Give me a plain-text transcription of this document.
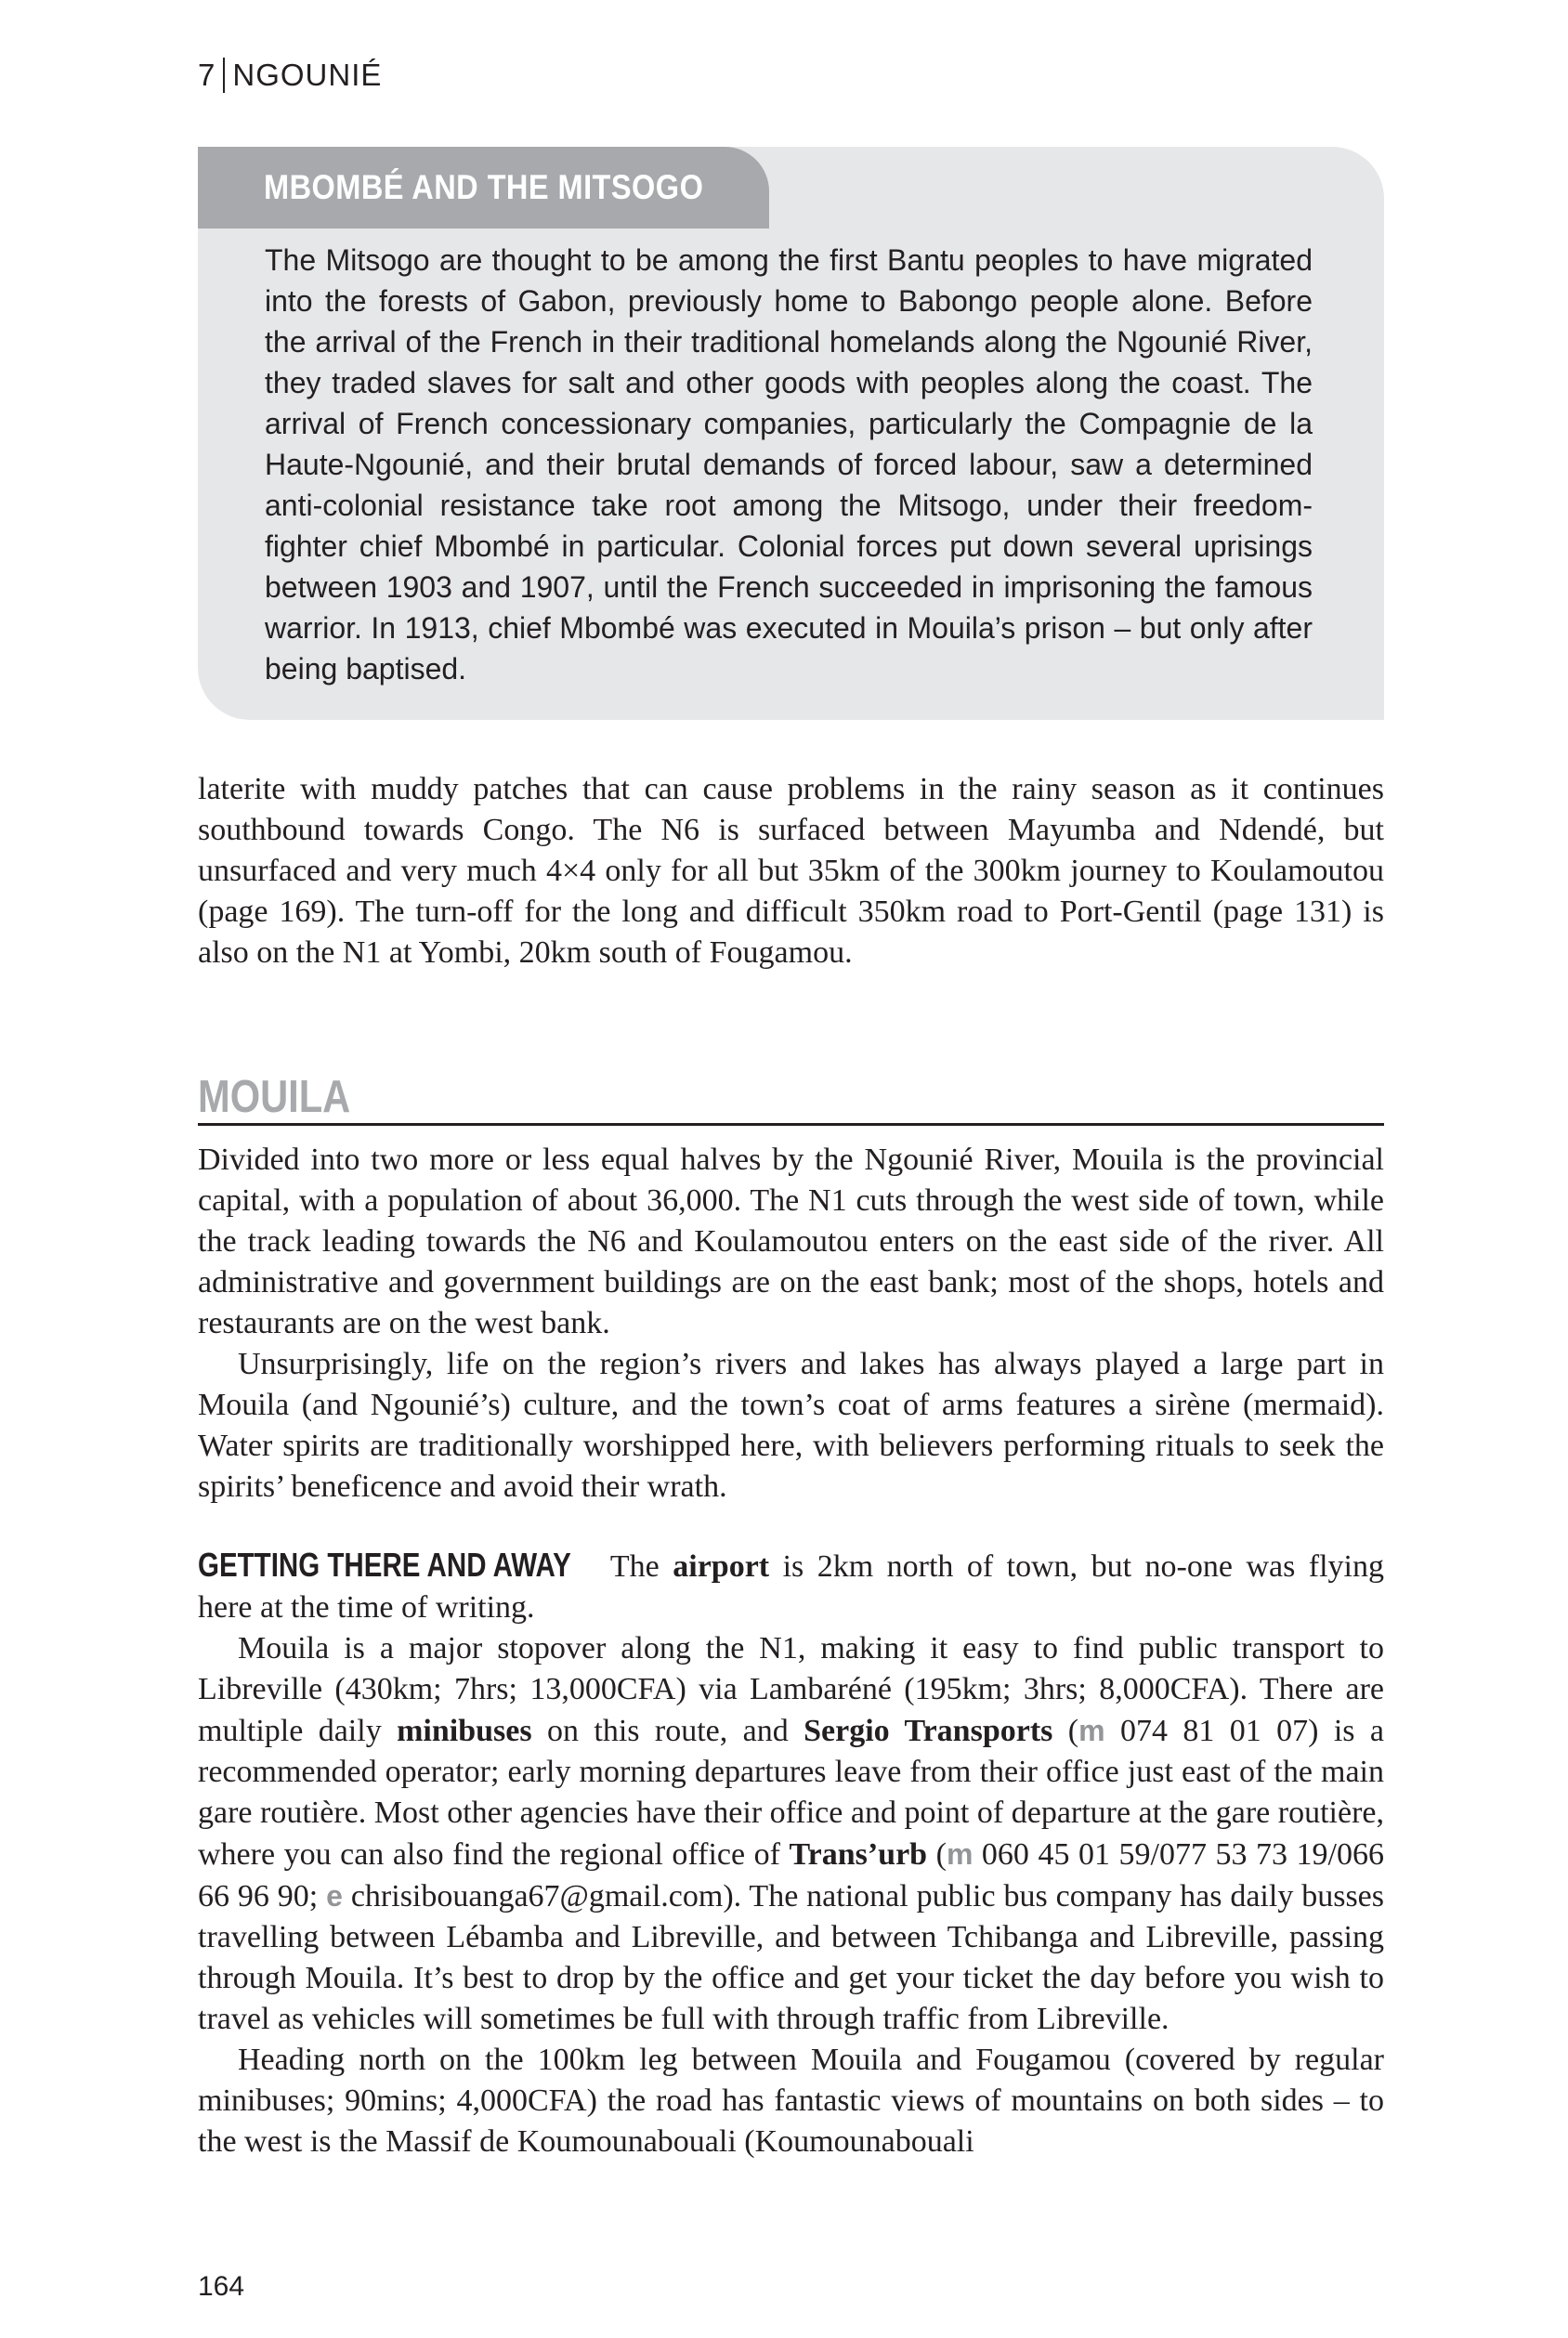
7 NGOUNIÉ
MBOMBÉ AND THE MITSOGO
The Mitsogo are thought to be among the first Bantu peoples to have migrated into the forests of Gabon, previously home to Babongo people alone. Before the arrival of the French in their traditional homelands along the Ngounié River, they traded slaves for salt and other goods with peoples along the coast. The arrival of French concessionary companies, particularly the Compagnie de la Haute-Ngounié, and their brutal demands of forced labour, saw a determined anti-colonial resistance take root among the Mitsogo, under their freedom-fighter chief Mbombé in particular. Colonial forces put down several uprisings between 1903 and 1907, until the French succeeded in imprisoning the famous warrior. In 1913, chief Mbombé was executed in Mouila’s prison – but only after being baptised.

laterite with muddy patches that can cause problems in the rainy season as it continues southbound towards Congo. The N6 is surfaced between Mayumba and Ndendé, but unsurfaced and very much 4×4 only for all but 35km of the 300km journey to Koulamoutou (page 169). The turn-off for the long and difficult 350km road to Port-Gentil (page 131) is also on the N1 at Yombi, 20km south of Fougamou.

MOUILA

Divided into two more or less equal halves by the Ngounié River, Mouila is the provincial capital, with a population of about 36,000. The N1 cuts through the west side of town, while the track leading towards the N6 and Koulamoutou enters on the east side of the river. All administrative and government buildings are on the east bank; most of the shops, hotels and restaurants are on the west bank.

Unsurprisingly, life on the region’s rivers and lakes has always played a large part in Mouila (and Ngounié’s) culture, and the town’s coat of arms features a sirène (mermaid). Water spirits are traditionally worshipped here, with believers performing rituals to seek the spirits’ beneficence and avoid their wrath.

GETTING THERE AND AWAY The airport is 2km north of town, but no-one was flying here at the time of writing.

Mouila is a major stopover along the N1, making it easy to find public transport to Libreville (430km; 7hrs; 13,000CFA) via Lambaréné (195km; 3hrs; 8,000CFA). There are multiple daily minibuses on this route, and Sergio Transports (m 074 81 01 07) is a recommended operator; early morning departures leave from their office just east of the main gare routière. Most other agencies have their office and point of departure at the gare routière, where you can also find the regional office of Trans’urb (m 060 45 01 59/077 53 73 19/066 66 96 90; e chrisibouanga67@gmail.com). The national public bus company has daily busses travelling between Lébamba and Libreville, and between Tchibanga and Libreville, passing through Mouila. It’s best to drop by the office and get your ticket the day before you wish to travel as vehicles will sometimes be full with through traffic from Libreville.

Heading north on the 100km leg between Mouila and Fougamou (covered by regular minibuses; 90mins; 4,000CFA) the road has fantastic views of mountains on both sides – to the west is the Massif de Koumounabouali (Koumounabouali

164
